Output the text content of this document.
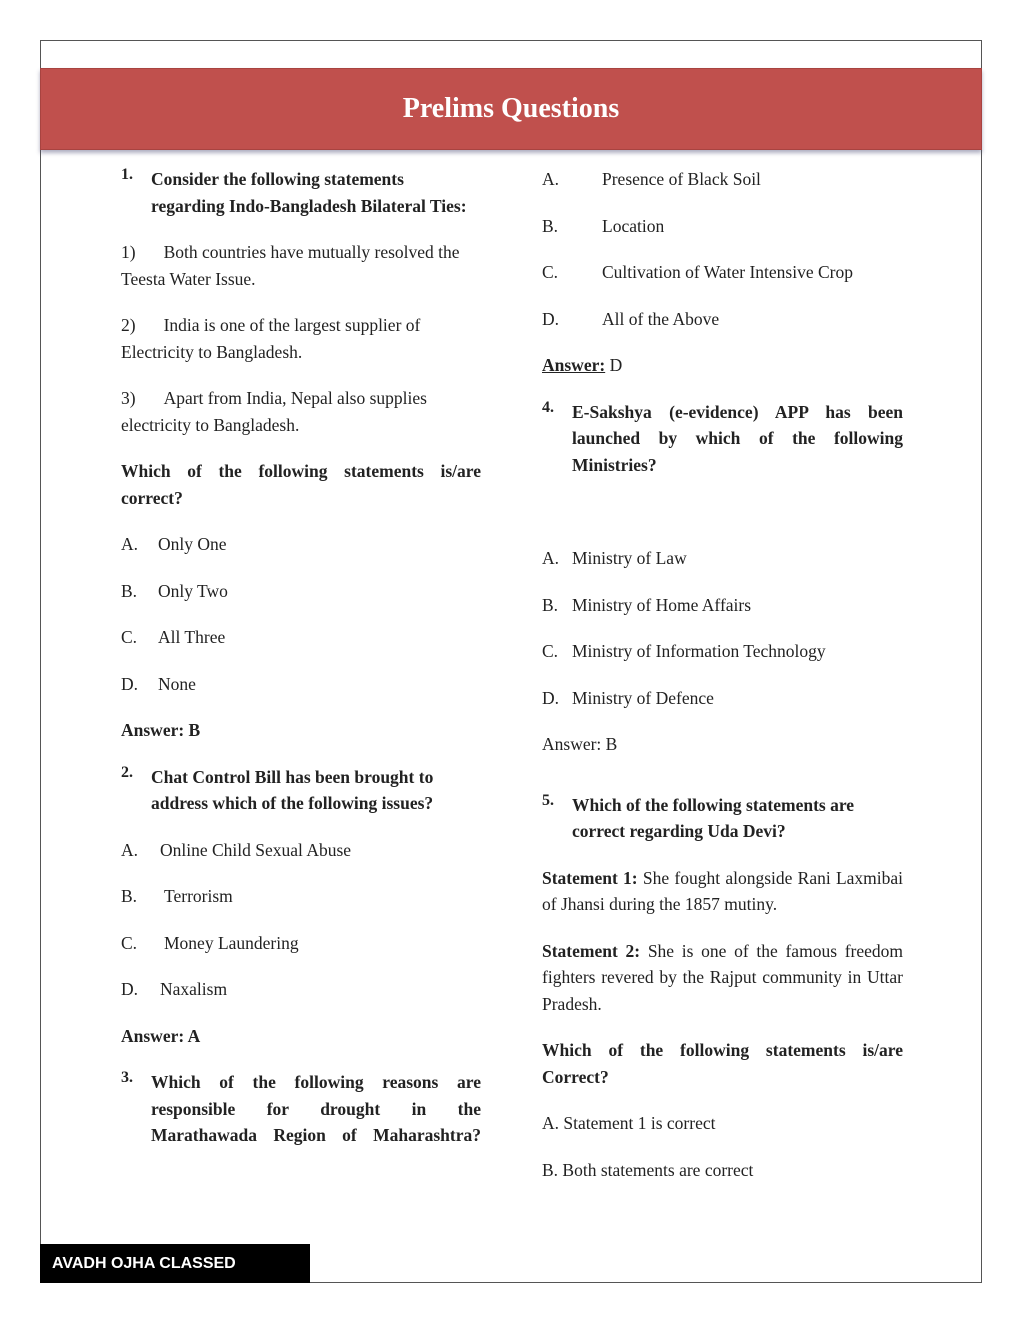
Prelims Questions
1.	Consider the following statements regarding Indo-Bangladesh Bilateral Ties:

1) Both countries have mutually resolved the Teesta Water Issue.

2) India is one of the largest supplier of Electricity to Bangladesh.

3) Apart from India, Nepal also supplies electricity to Bangladesh.

Which of the following statements is/are correct?

A.	Only One

B.	Only Two

C.	All Three

D.	None

Answer: B

2.	Chat Control Bill has been brought to address which of the following issues?

A.	Online Child Sexual Abuse

B.	Terrorism

C.	Money Laundering

D.	Naxalism

Answer: A

3.	Which of the following reasons are responsible for drought in the Marathawada Region of Maharashtra?

A.	Presence of Black Soil

B.	Location

C.	Cultivation of Water Intensive Crop

D.	All of the Above

Answer: D

4.	E-Sakshya (e-evidence) APP has been launched by which of the following Ministries?

A. Ministry of Law

B. Ministry of Home Affairs

C. Ministry of Information Technology

D. Ministry of Defence

Answer: B

5.	Which of the following statements are correct regarding Uda Devi?

Statement 1: She fought alongside Rani Laxmibai of Jhansi during the 1857 mutiny.

Statement 2: She is one of the famous freedom fighters revered by the Rajput community in Uttar Pradesh.

Which of the following statements is/are Correct?

A. Statement 1 is correct

B. Both statements are correct

AVADH OJHA CLASSED
